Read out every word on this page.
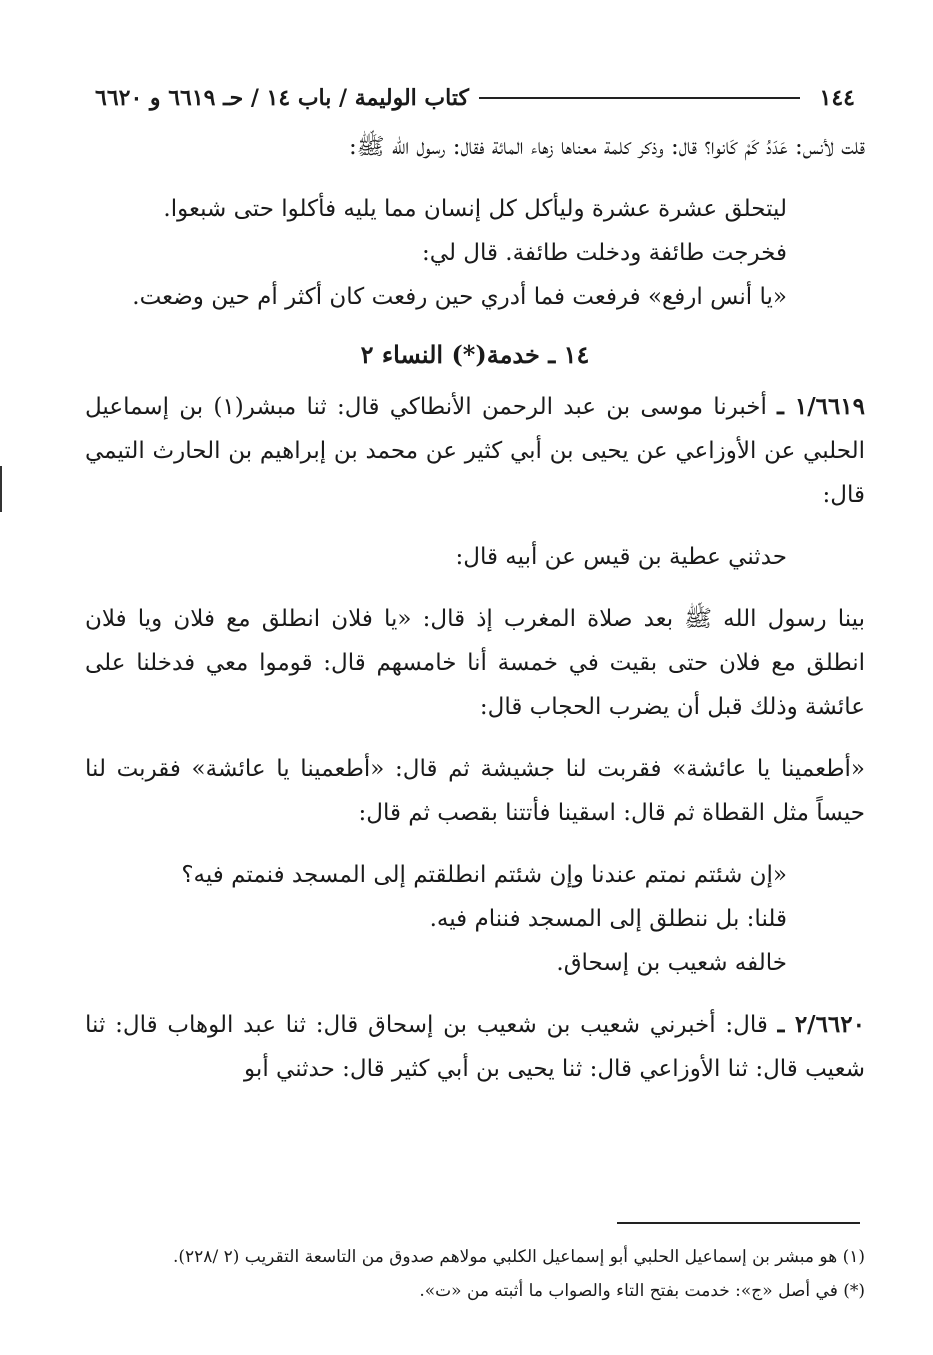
١٤٤
كتاب الوليمة / باب ١٤ / حـ ٦٦١٩ و ٦٦٢٠

قلت لأنس: عَدَدُ كَمْ كَانوا؟ قال: وذكر كلمة معناها زهاء المائة فقال: رسول الله ﷺ:

ليتحلق عشرة عشرة وليأكل كل إنسان مما يليه فأكلوا حتى شبعوا.

فخرجت طائفة ودخلت طائفة. قال لي:

«يا أنس ارفع» فرفعت فما أدري حين رفعت كان أكثر أم حين وضعت.

١٤ ـ خدمة(*) النساء ٢

١/٦٦١٩ ـ أخبرنا موسى بن عبد الرحمن الأنطاكي قال: ثنا مبشر(١) بن إسماعيل الحلبي عن الأوزاعي عن يحيى بن أبي كثير عن محمد بن إبراهيم بن الحارث التيمي قال:

حدثني عطية بن قيس عن أبيه قال:

بينا رسول الله ﷺ بعد صلاة المغرب إذ قال: «يا فلان انطلق مع فلان ويا فلان انطلق مع فلان حتى بقيت في خمسة أنا خامسهم قال: قوموا معي فدخلنا على عائشة وذلك قبل أن يضرب الحجاب قال:

«أطعمينا يا عائشة» فقربت لنا جشيشة ثم قال: «أطعمينا يا عائشة» فقربت لنا حيساً مثل القطاة ثم قال: اسقينا فأتتنا بقصب ثم قال:

«إن شئتم نمتم عندنا وإن شئتم انطلقتم إلى المسجد فنمتم فيه؟

قلنا: بل ننطلق إلى المسجد فننام فيه.

خالفه شعيب بن إسحاق.

٢/٦٦٢٠ ـ قال: أخبرني شعيب بن شعيب بن إسحاق قال: ثنا عبد الوهاب قال: ثنا شعيب قال: ثنا الأوزاعي قال: ثنا يحيى بن أبي كثير قال: حدثني أبو

(١) هو مبشر بن إسماعيل الحلبي أبو إسماعيل الكلبي مولاهم صدوق من التاسعة التقريب (٢ /٢٢٨).

(*) في أصل «ج»: خدمت بفتح التاء والصواب ما أثبته من «ت».
